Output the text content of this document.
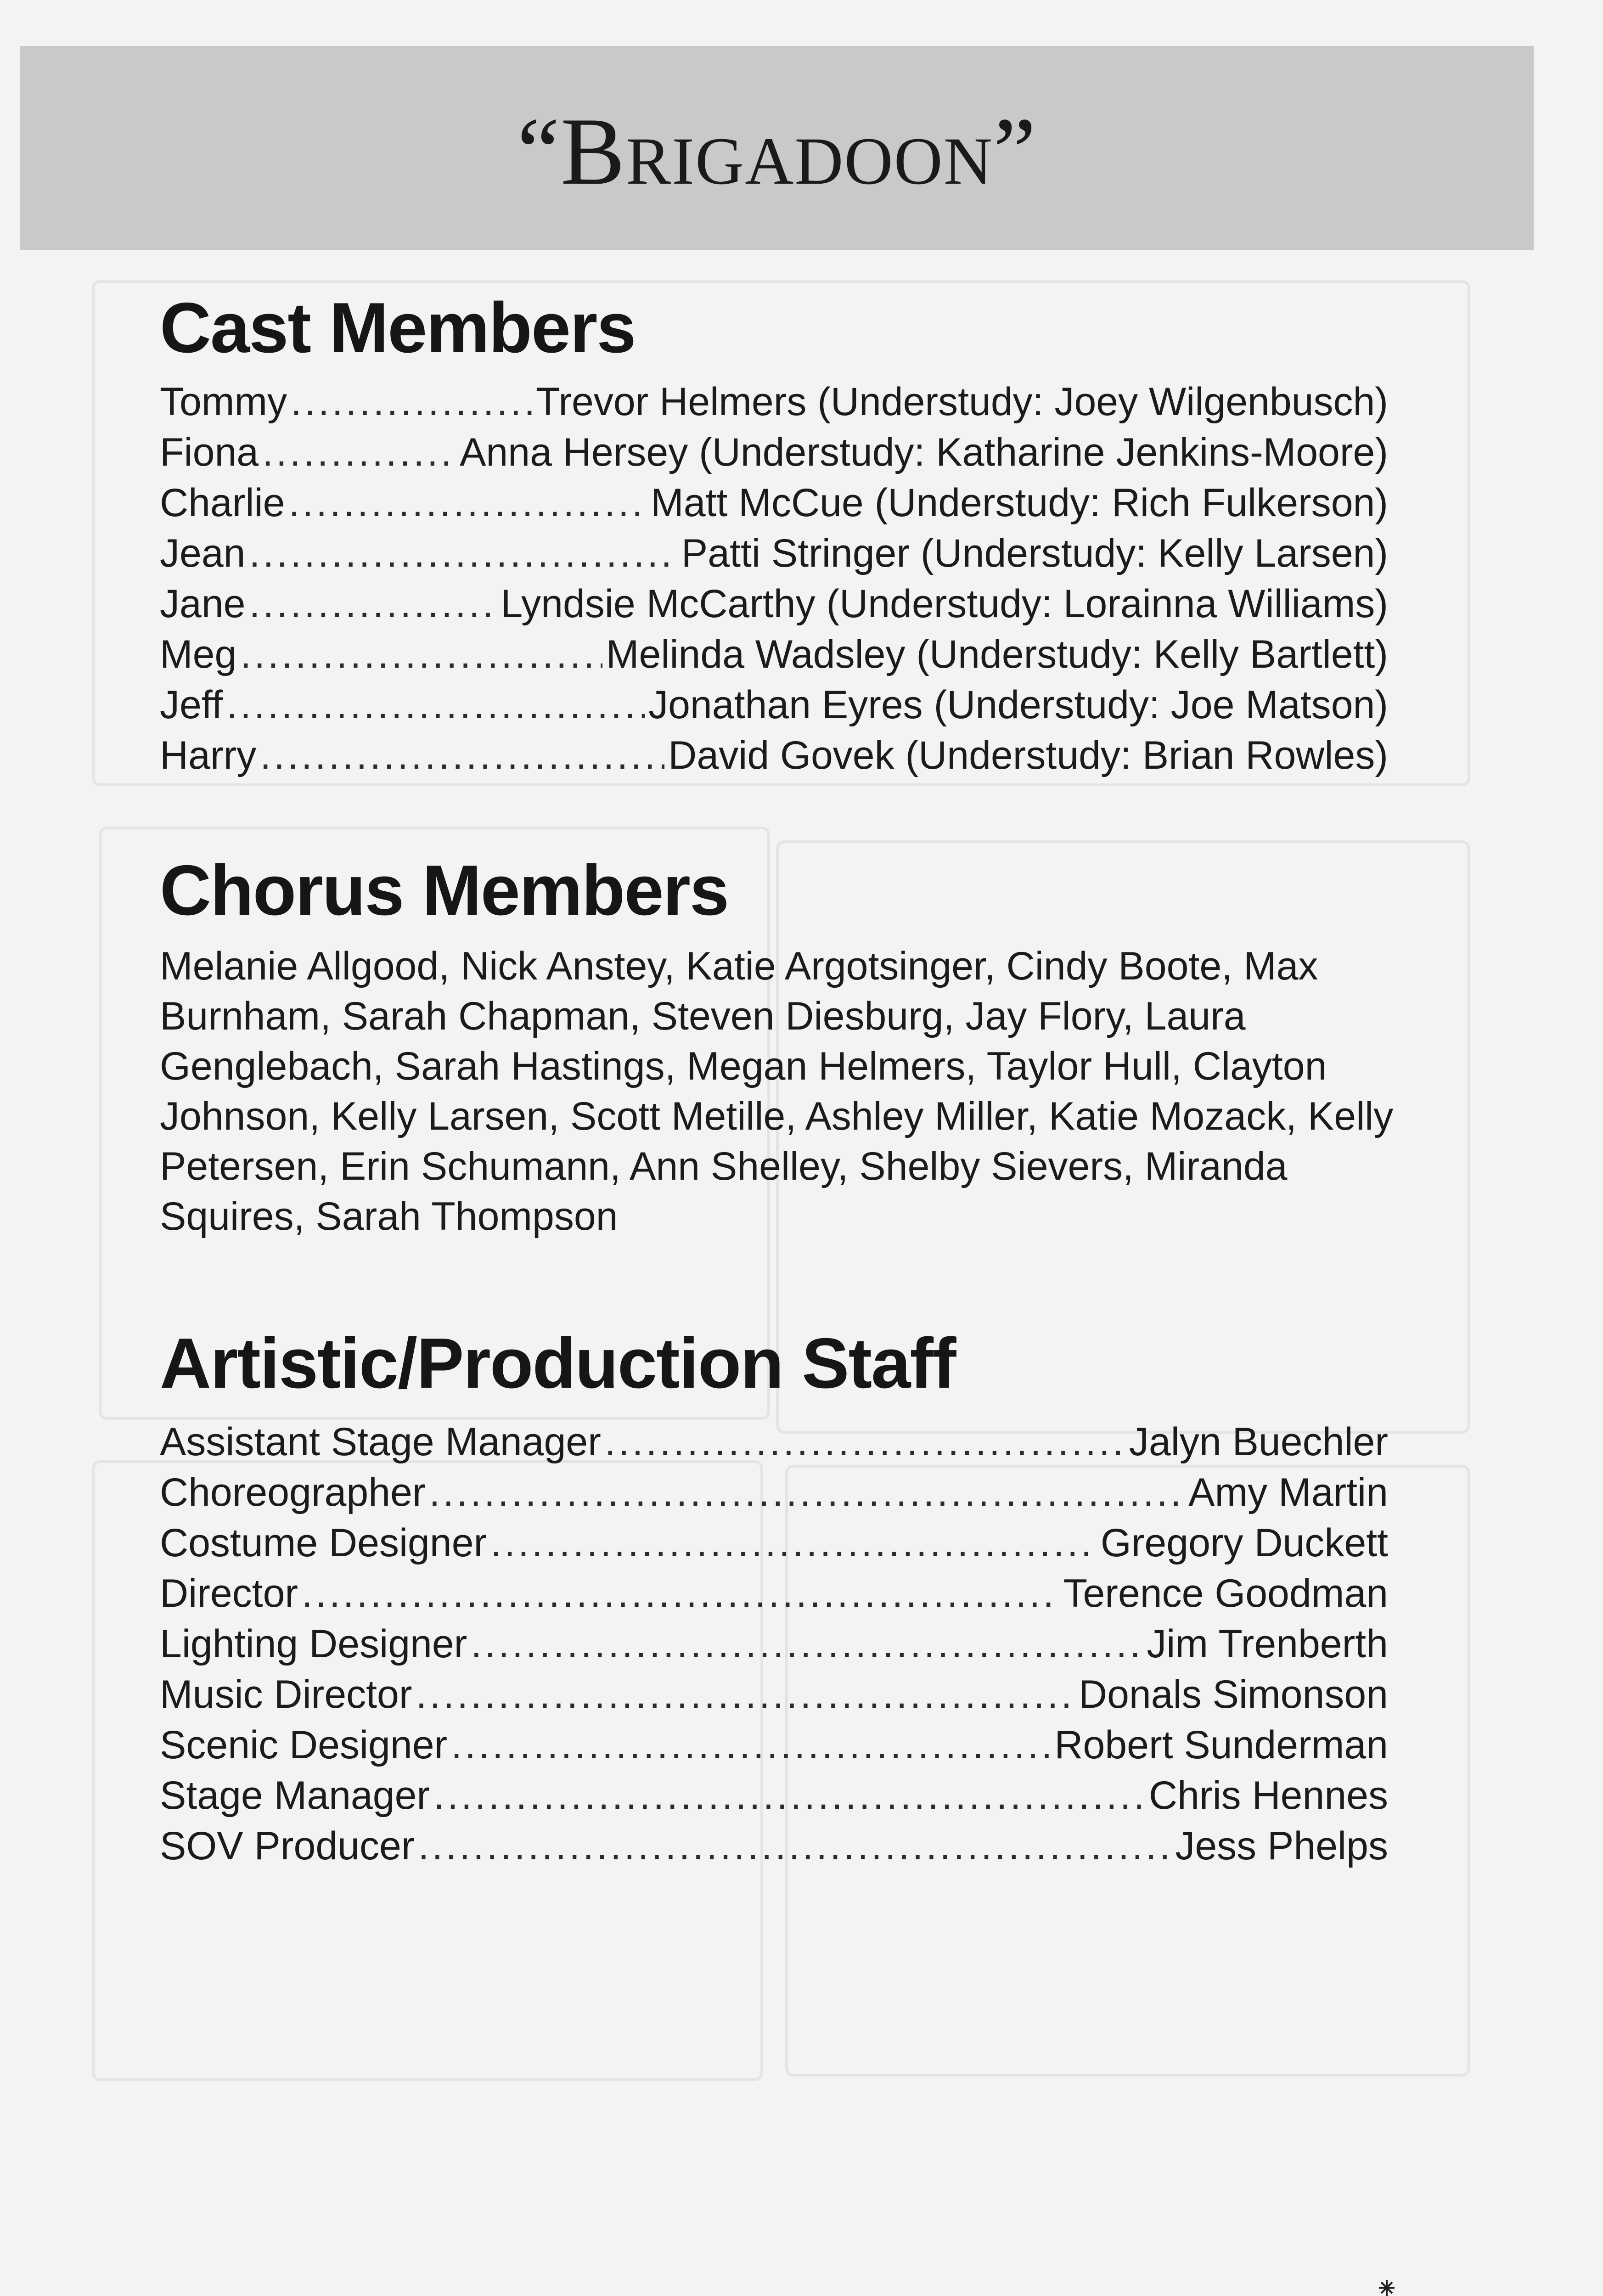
“Brigadoon”
Cast Members
Tommy .....	Trevor Helmers (Understudy: Joey Wilgenbusch)
Fiona .....	Anna Hersey (Understudy: Katharine Jenkins-Moore)
Charlie .....	Matt McCue (Understudy: Rich Fulkerson)
Jean .....	Patti Stringer (Understudy: Kelly Larsen)
Jane .....	Lyndsie McCarthy (Understudy: Lorainna Williams)
Meg .....	Melinda Wadsley (Understudy: Kelly Bartlett)
Jeff .....	Jonathan Eyres (Understudy: Joe Matson)
Harry .....	David Govek (Understudy: Brian Rowles)
Chorus Members
Melanie Allgood, Nick Anstey, Katie Argotsinger, Cindy Boote, Max Burnham, Sarah Chapman, Steven Diesburg, Jay Flory, Laura Genglebach, Sarah Hastings, Megan Helmers, Taylor Hull, Clayton Johnson, Kelly Larsen, Scott Metille, Ashley Miller, Katie Mozack, Kelly Petersen, Erin Schumann, Ann Shelley, Shelby Sievers, Miranda Squires, Sarah Thompson
Artistic/Production Staff
Assistant Stage Manager .....	Jalyn Buechler
Choreographer .....	Amy Martin
Costume Designer .....	Gregory Duckett
Director .....	Terence Goodman
Lighting Designer .....	Jim Trenberth
Music Director .....	Donals Simonson
Scenic Designer .....	Robert Sunderman
Stage Manager .....	Chris Hennes
SOV Producer .....	Jess Phelps
